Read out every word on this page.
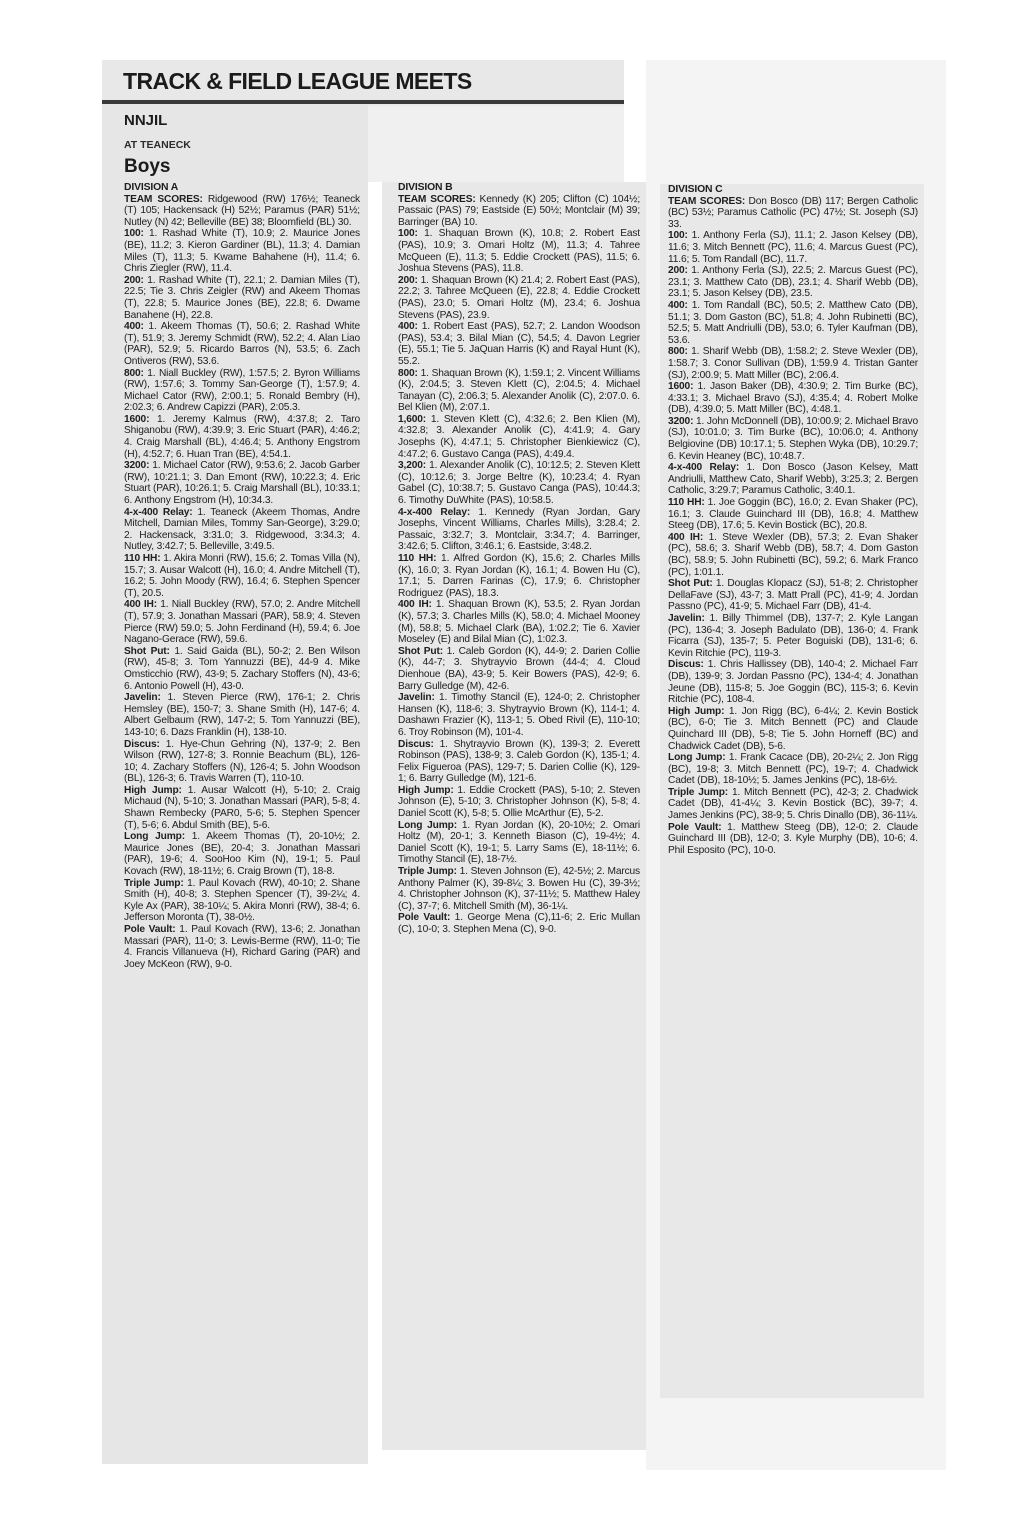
TRACK & FIELD LEAGUE MEETS
NNJIL
AT TEANECK
Boys
DIVISION A
TEAM SCORES: Ridgewood (RW) 176½; Teaneck (T) 105; Hackensack (H) 52½; Paramus (PAR) 51½; Nutley (N) 42; Belleville (BE) 38; Bloomfield (BL) 30.
100: 1. Rashad White (T), 10.9; 2. Maurice Jones (BE), 11.2; 3. Kieron Gardiner (BL), 11.3; 4. Damian Miles (T), 11.3; 5. Kwame Bahahene (H), 11.4; 6. Chris Ziegler (RW), 11.4.
200: 1. Rashad White (T), 22.1; 2. Damian Miles (T), 22.5; Tie 3. Chris Zeigler (RW) and Akeem Thomas (T), 22.8; 5. Maurice Jones (BE), 22.8; 6. Dwame Banahene (H), 22.8.
400: 1. Akeem Thomas (T), 50.6; 2. Rashad White (T), 51.9; 3. Jeremy Schmidt (RW), 52.2; 4. Alan Liao (PAR), 52.9; 5. Ricardo Barros (N), 53.5; 6. Zach Ontiveros (RW), 53.6.
800: 1. Niall Buckley (RW), 1:57.5; 2. Byron Williams (RW), 1:57.6; 3. Tommy San-George (T), 1:57.9; 4. Michael Cator (RW), 2:00.1; 5. Ronald Bembry (H), 2:02.3; 6. Andrew Capizzi (PAR), 2:05.3.
1600: 1. Jeremy Kalmus (RW), 4:37.8; 2. Taro Shiganobu (RW), 4:39.9; 3. Eric Stuart (PAR), 4:46.2; 4. Craig Marshall (BL), 4:46.4; 5. Anthony Engstrom (H), 4:52.7; 6. Huan Tran (BE), 4:54.1.
3200: 1. Michael Cator (RW), 9:53.6; 2. Jacob Garber (RW), 10:21.1; 3. Dan Emont (RW), 10:22.3; 4. Eric Stuart (PAR), 10:26.1; 5. Craig Marshall (BL), 10:33.1; 6. Anthony Engstrom (H), 10:34.3.
4-x-400 Relay: 1. Teaneck (Akeem Thomas, Andre Mitchell, Damian Miles, Tommy San-George), 3:29.0; 2. Hackensack, 3:31.0; 3. Ridgewood, 3:34.3; 4. Nutley, 3:42.7; 5. Belleville, 3:49.5.
110 HH: 1. Akira Monri (RW), 15.6; 2. Tomas Villa (N), 15.7; 3. Ausar Walcott (H), 16.0; 4. Andre Mitchell (T), 16.2; 5. John Moody (RW), 16.4; 6. Stephen Spencer (T), 20.5.
400 IH: 1. Niall Buckley (RW), 57.0; 2. Andre Mitchell (T), 57.9; 3. Jonathan Massari (PAR), 58.9; 4. Steven Pierce (RW) 59.0; 5. John Ferdinand (H), 59.4; 6. Joe Nagano-Gerace (RW), 59.6.
Shot Put: 1. Said Gaida (BL), 50-2; 2. Ben Wilson (RW), 45-8; 3. Tom Yannuzzi (BE), 44-9 4. Mike Omsticchio (RW), 43-9; 5. Zachary Stoffers (N), 43-6; 6. Antonio Powell (H), 43-0.
Javelin: 1. Steven Pierce (RW), 176-1; 2. Chris Hemsley (BE), 150-7; 3. Shane Smith (H), 147-6; 4. Albert Gelbaum (RW), 147-2; 5. Tom Yannuzzi (BE), 143-10; 6. Dazs Franklin (H), 138-10.
Discus: 1. Hye-Chun Gehring (N), 137-9; 2. Ben Wilson (RW), 127-8; 3. Ronnie Beachum (BL), 126-10; 4. Zachary Stoffers (N), 126-4; 5. John Woodson (BL), 126-3; 6. Travis Warren (T), 110-10.
High Jump: 1. Ausar Walcott (H), 5-10; 2. Craig Michaud (N), 5-10; 3. Jonathan Massari (PAR), 5-8; 4. Shawn Rembecky (PAR0, 5-6; 5. Stephen Spencer (T), 5-6; 6. Abdul Smith (BE), 5-6.
Long Jump: 1. Akeem Thomas (T), 20-10½; 2. Maurice Jones (BE), 20-4; 3. Jonathan Massari (PAR), 19-6; 4. SooHoo Kim (N), 19-1; 5. Paul Kovach (RW), 18-11½; 6. Craig Brown (T), 18-8.
Triple Jump: 1. Paul Kovach (RW), 40-10; 2. Shane Smith (H), 40-8; 3. Stephen Spencer (T), 39-2¼; 4. Kyle Ax (PAR), 38-10¼; 5. Akira Monri (RW), 38-4; 6. Jefferson Moronta (T), 38-0½.
Pole Vault: 1. Paul Kovach (RW), 13-6; 2. Jonathan Massari (PAR), 11-0; 3. Lewis-Berme (RW), 11-0; Tie 4. Francis Villanueva (H), Richard Garing (PAR) and Joey McKeon (RW), 9-0.
DIVISION B
TEAM SCORES: Kennedy (K) 205; Clifton (C) 104½; Passaic (PAS) 79; Eastside (E) 50½; Montclair (M) 39; Barringer (BA) 10.
100: 1. Shaquan Brown (K), 10.8; 2. Robert East (PAS), 10.9; 3. Omari Holtz (M), 11.3; 4. Tahree McQueen (E), 11.3; 5. Eddie Crockett (PAS), 11.5; 6. Joshua Stevens (PAS), 11.8.
200: 1. Shaquan Brown (K) 21.4; 2. Robert East (PAS), 22.2; 3. Tahree McQueen (E), 22.8; 4. Eddie Crockett (PAS), 23.0; 5. Omari Holtz (M), 23.4; 6. Joshua Stevens (PAS), 23.9.
400: 1. Robert East (PAS), 52.7; 2. Landon Woodson (PAS), 53.4; 3. Bilal Mian (C), 54.5; 4. Davon Legrier (E), 55.1; Tie 5. JaQuan Harris (K) and Rayal Hunt (K), 55.2.
800: 1. Shaquan Brown (K), 1:59.1; 2. Vincent Williams (K), 2:04.5; 3. Steven Klett (C), 2:04.5; 4. Michael Tanayan (C), 2:06.3; 5. Alexander Anolik (C), 2:07.0. 6. Bel Klien (M), 2:07.1.
1,600: 1. Steven Klett (C), 4:32.6; 2. Ben Klien (M), 4:32.8; 3. Alexander Anolik (C), 4:41.9; 4. Gary Josephs (K), 4:47.1; 5. Christopher Bienkiewicz (C), 4:47.2; 6. Gustavo Canga (PAS), 4:49.4.
3,200: 1. Alexander Anolik (C), 10:12.5; 2. Steven Klett (C), 10:12.6; 3. Jorge Beltre (K), 10:23.4; 4. Ryan Gabel (C), 10:38.7; 5. Gustavo Canga (PAS), 10:44.3; 6. Timothy DuWhite (PAS), 10:58.5.
4-x-400 Relay: 1. Kennedy (Ryan Jordan, Gary Josephs, Vincent Williams, Charles Mills), 3:28.4; 2. Passaic, 3:32.7; 3. Montclair, 3:34.7; 4. Barringer, 3:42.6; 5. Clifton, 3:46.1; 6. Eastside, 3:48.2.
110 HH: 1. Alfred Gordon (K), 15.6; 2. Charles Mills (K), 16.0; 3. Ryan Jordan (K), 16.1; 4. Bowen Hu (C), 17.1; 5. Darren Farinas (C), 17.9; 6. Christopher Rodriguez (PAS), 18.3.
400 IH: 1. Shaquan Brown (K), 53.5; 2. Ryan Jordan (K), 57.3; 3. Charles Mills (K), 58.0; 4. Michael Mooney (M), 58.8; 5. Michael Clark (BA), 1:02.2; Tie 6. Xavier Moseley (E) and Bilal Mian (C), 1:02.3.
Shot Put: 1. Caleb Gordon (K), 44-9; 2. Darien Collie (K), 44-7; 3. Shytrayvio Brown (44-4; 4. Cloud Dienhoue (BA), 43-9; 5. Keir Bowers (PAS), 42-9; 6. Barry Gulledge (M), 42-6.
Javelin: 1. Timothy Stancil (E), 124-0; 2. Christopher Hansen (K), 118-6; 3. Shytrayvio Brown (K), 114-1; 4. Dashawn Frazier (K), 113-1; 5. Obed Rivil (E), 110-10; 6. Troy Robinson (M), 101-4.
Discus: 1. Shytrayvio Brown (K), 139-3; 2. Everett Robinson (PAS), 138-9; 3. Caleb Gordon (K), 135-1; 4. Felix Figueroa (PAS), 129-7; 5. Darien Collie (K), 129-1; 6. Barry Gulledge (M), 121-6.
High Jump: 1. Eddie Crockett (PAS), 5-10; 2. Steven Johnson (E), 5-10; 3. Christopher Johnson (K), 5-8; 4. Daniel Scott (K), 5-8; 5. Ollie McArthur (E), 5-2.
Long Jump: 1. Ryan Jordan (K), 20-10½; 2. Omari Holtz (M), 20-1; 3. Kenneth Biason (C), 19-4½; 4. Daniel Scott (K), 19-1; 5. Larry Sams (E), 18-11½; 6. Timothy Stancil (E), 18-7½.
Triple Jump: 1. Steven Johnson (E), 42-5½; 2. Marcus Anthony Palmer (K), 39-8¼; 3. Bowen Hu (C), 39-3½; 4. Christopher Johnson (K), 37-11½; 5. Matthew Haley (C), 37-7; 6. Mitchell Smith (M), 36-1¼.
Pole Vault: 1. George Mena (C),11-6; 2. Eric Mullan (C), 10-0; 3. Stephen Mena (C), 9-0.
DIVISION C
TEAM SCORES: Don Bosco (DB) 117; Bergen Catholic (BC) 53½; Paramus Catholic (PC) 47½; St. Joseph (SJ) 33.
100: 1. Anthony Ferla (SJ), 11.1; 2. Jason Kelsey (DB), 11.6; 3. Mitch Bennett (PC), 11.6; 4. Marcus Guest (PC), 11.6; 5. Tom Randall (BC), 11.7.
200: 1. Anthony Ferla (SJ), 22.5; 2. Marcus Guest (PC), 23.1; 3. Matthew Cato (DB), 23.1; 4. Sharif Webb (DB), 23.1; 5. Jason Kelsey (DB), 23.5.
400: 1. Tom Randall (BC), 50.5; 2. Matthew Cato (DB), 51.1; 3. Dom Gaston (BC), 51.8; 4. John Rubinetti (BC), 52.5; 5. Matt Andriulli (DB), 53.0; 6. Tyler Kaufman (DB), 53.6.
800: 1. Sharif Webb (DB), 1:58.2; 2. Steve Wexler (DB), 1:58.7; 3. Conor Sullivan (DB), 1:59.9 4. Tristan Ganter (SJ), 2:00.9; 5. Matt Miller (BC), 2:06.4.
1600: 1. Jason Baker (DB), 4:30.9; 2. Tim Burke (BC), 4:33.1; 3. Michael Bravo (SJ), 4:35.4; 4. Robert Molke (DB), 4:39.0; 5. Matt Miller (BC), 4:48.1.
3200: 1. John McDonnell (DB), 10:00.9; 2. Michael Bravo (SJ), 10:01.0; 3. Tim Burke (BC), 10:06.0; 4. Anthony Belgiovine (DB) 10:17.1; 5. Stephen Wyka (DB), 10:29.7; 6. Kevin Heaney (BC), 10:48.7.
4-x-400 Relay: 1. Don Bosco (Jason Kelsey, Matt Andriulli, Matthew Cato, Sharif Webb), 3:25.3; 2. Bergen Catholic, 3:29.7; Paramus Catholic, 3:40.1.
110 HH: 1. Joe Goggin (BC), 16.0; 2. Evan Shaker (PC), 16.1; 3. Claude Guinchard III (DB), 16.8; 4. Matthew Steeg (DB), 17.6; 5. Kevin Bostick (BC), 20.8.
400 IH: 1. Steve Wexler (DB), 57.3; 2. Evan Shaker (PC), 58.6; 3. Sharif Webb (DB), 58.7; 4. Dom Gaston (BC), 58.9; 5. John Rubinetti (BC), 59.2; 6. Mark Franco (PC), 1:01.1.
Shot Put: 1. Douglas Klopacz (SJ), 51-8; 2. Christopher DellaFave (SJ), 43-7; 3. Matt Prall (PC), 41-9; 4. Jordan Passno (PC), 41-9; 5. Michael Farr (DB), 41-4.
Javelin: 1. Billy Thimmel (DB), 137-7; 2. Kyle Langan (PC), 136-4; 3. Joseph Badulato (DB), 136-0; 4. Frank Ficarra (SJ), 135-7; 5. Peter Boguiski (DB), 131-6; 6. Kevin Ritchie (PC), 119-3.
Discus: 1. Chris Hallissey (DB), 140-4; 2. Michael Farr (DB), 139-9; 3. Jordan Passno (PC), 134-4; 4. Jonathan Jeune (DB), 115-8; 5. Joe Goggin (BC), 115-3; 6. Kevin Ritchie (PC), 108-4.
High Jump: 1. Jon Rigg (BC), 6-4¼; 2. Kevin Bostick (BC), 6-0; Tie 3. Mitch Bennett (PC) and Claude Quinchard III (DB), 5-8; Tie 5. John Horneff (BC) and Chadwick Cadet (DB), 5-6.
Long Jump: 1. Frank Cacace (DB), 20-2¼; 2. Jon Rigg (BC), 19-8; 3. Mitch Bennett (PC), 19-7; 4. Chadwick Cadet (DB), 18-10½; 5. James Jenkins (PC), 18-6½.
Triple Jump: 1. Mitch Bennett (PC), 42-3; 2. Chadwick Cadet (DB), 41-4¼; 3. Kevin Bostick (BC), 39-7; 4. James Jenkins (PC), 38-9; 5. Chris Dinallo (DB), 36-11¼.
Pole Vault: 1. Matthew Steeg (DB), 12-0; 2. Claude Guinchard III (DB), 12-0; 3. Kyle Murphy (DB), 10-6; 4. Phil Esposito (PC), 10-0.
